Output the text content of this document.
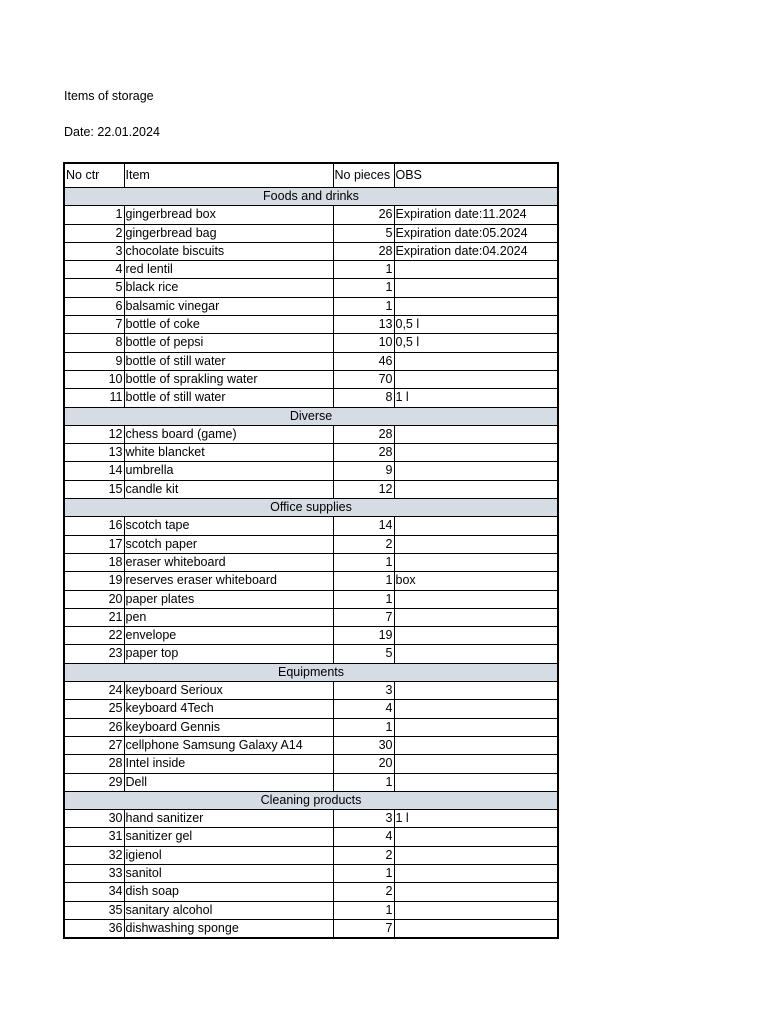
Items of storage
Date: 22.01.2024
No ctr	Item	No pieces	OBS
Foods and drinks			
1	gingerbread box	26	Expiration date:11.2024
2	gingerbread bag	5	Expiration date:05.2024
3	chocolate biscuits	28	Expiration date:04.2024
4	red lentil	1	
5	black rice	1	
6	balsamic vinegar	1	
7	bottle of coke	13	0,5 l
8	bottle of pepsi	10	0,5 l
9	bottle of still water	46	
10	bottle of sprakling water	70	
11	bottle of still water	8	1 l
Diverse			
12	chess board (game)	28	
13	white blancket	28	
14	umbrella	9	
15	candle kit	12	
Office supplies			
16	scotch tape	14	
17	scotch paper	2	
18	eraser whiteboard	1	
19	reserves eraser whiteboard	1	box
20	paper plates	1	
21	pen	7	
22	envelope	19	
23	paper top	5	
Equipments			
24	keyboard Serioux	3	
25	keyboard 4Tech	4	
26	keyboard Gennis	1	
27	cellphone Samsung Galaxy A14	30	
28	Intel inside	20	
29	Dell	1	
Cleaning products			
30	hand sanitizer	3	1 l
31	sanitizer gel	4	
32	igienol	2	
33	sanitol	1	
34	dish soap	2	
35	sanitary alcohol	1	
36	dishwashing sponge	7	
